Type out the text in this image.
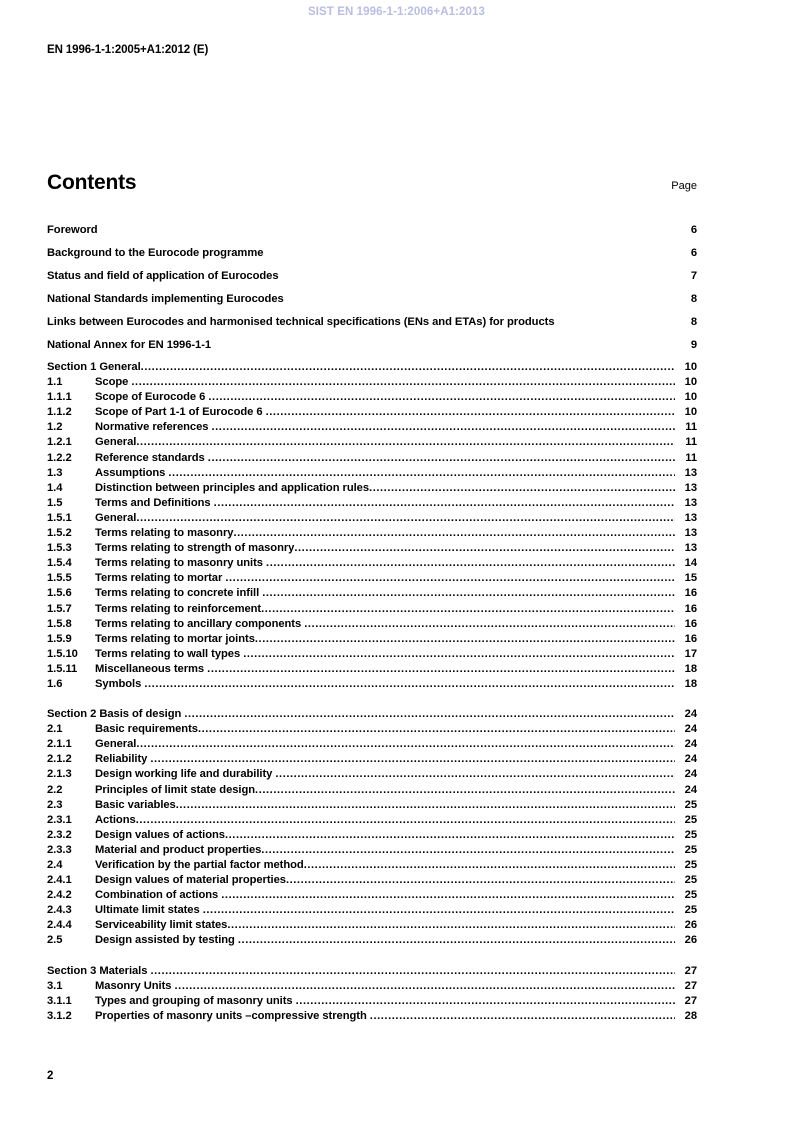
SIST EN 1996-1-1:2006+A1:2013
EN 1996-1-1:2005+A1:2012 (E)
Contents	Page
Foreword .....	6
Background to the Eurocode programme .....	6
Status and field of application of Eurocodes .....	7
National Standards implementing Eurocodes .....	8
Links between Eurocodes and harmonised technical specifications (ENs and ETAs) for products .....	8
National Annex for EN 1996-1-1 .....	9
Section 1 General .....	10
1.1	Scope .....	10
1.1.1	Scope of Eurocode 6 .....	10
1.1.2	Scope of Part 1-1 of Eurocode 6 .....	10
1.2	Normative references .....	11
1.2.1	General .....	11
1.2.2	Reference standards .....	11
1.3	Assumptions .....	13
1.4	Distinction between principles and application rules .....	13
1.5	Terms and Definitions .....	13
1.5.1	General .....	13
1.5.2	Terms relating to masonry .....	13
1.5.3	Terms relating to strength of masonry .....	13
1.5.4	Terms relating to masonry units .....	14
1.5.5	Terms relating to mortar .....	15
1.5.6	Terms relating to concrete infill .....	16
1.5.7	Terms relating to reinforcement .....	16
1.5.8	Terms relating to ancillary components .....	16
1.5.9	Terms relating to mortar joints .....	16
1.5.10	Terms relating to wall types .....	17
1.5.11	Miscellaneous terms .....	18
1.6	Symbols .....	18
Section 2 Basis of design .....	24
2.1	Basic requirements .....	24
2.1.1	General .....	24
2.1.2	Reliability .....	24
2.1.3	Design working life and durability .....	24
2.2	Principles of limit state design .....	24
2.3	Basic variables .....	25
2.3.1	Actions .....	25
2.3.2	Design values of actions .....	25
2.3.3	Material and product properties .....	25
2.4	Verification by the partial factor method .....	25
2.4.1	Design values of material properties .....	25
2.4.2	Combination of actions .....	25
2.4.3	Ultimate limit states .....	25
2.4.4	Serviceability limit states .....	26
2.5	Design assisted by testing .....	26
Section 3 Materials .....	27
3.1	Masonry Units .....	27
3.1.1	Types and grouping of masonry units .....	27
3.1.2	Properties of masonry units –compressive strength .....	28
2
